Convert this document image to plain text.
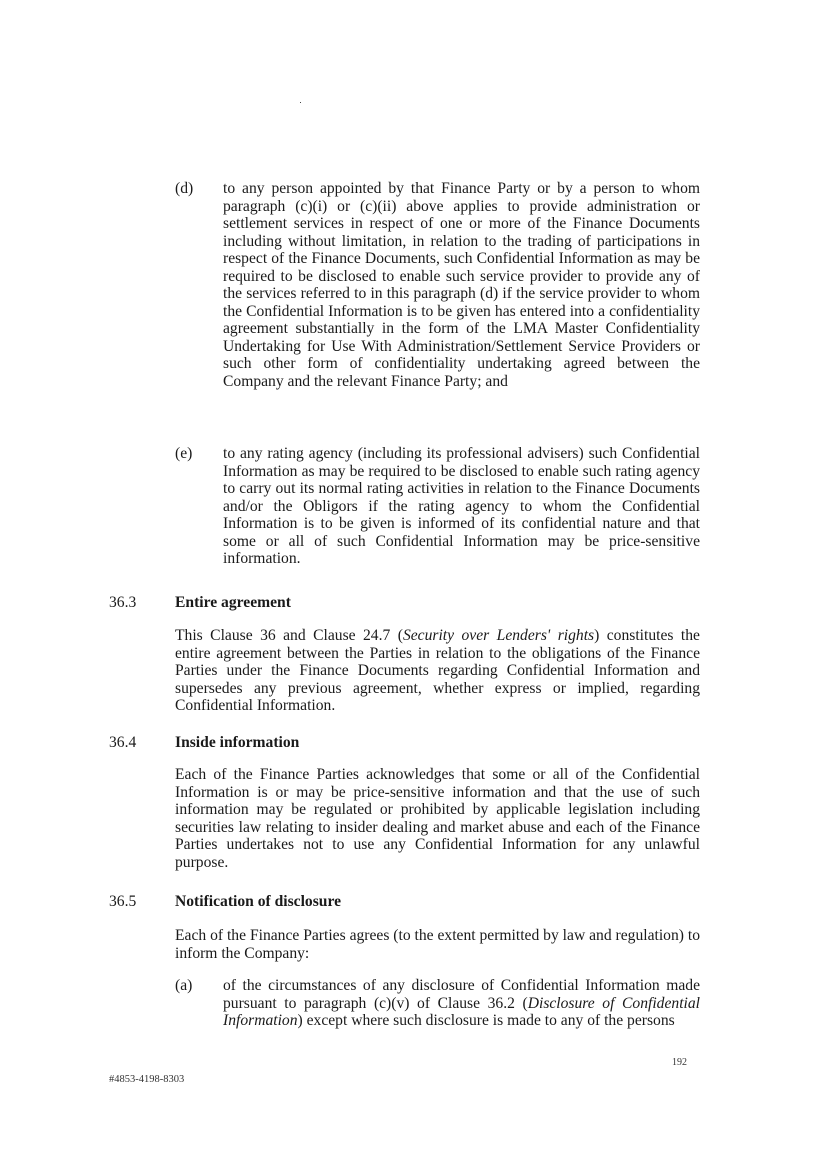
(d) to any person appointed by that Finance Party or by a person to whom paragraph (c)(i) or (c)(ii) above applies to provide administration or settlement services in respect of one or more of the Finance Documents including without limitation, in relation to the trading of participations in respect of the Finance Documents, such Confidential Information as may be required to be disclosed to enable such service provider to provide any of the services referred to in this paragraph (d) if the service provider to whom the Confidential Information is to be given has entered into a confidentiality agreement substantially in the form of the LMA Master Confidentiality Undertaking for Use With Administration/Settlement Service Providers or such other form of confidentiality undertaking agreed between the Company and the relevant Finance Party; and
(e) to any rating agency (including its professional advisers) such Confidential Information as may be required to be disclosed to enable such rating agency to carry out its normal rating activities in relation to the Finance Documents and/or the Obligors if the rating agency to whom the Confidential Information is to be given is informed of its confidential nature and that some or all of such Confidential Information may be price-sensitive information.
36.3 Entire agreement
This Clause 36 and Clause 24.7 (Security over Lenders' rights) constitutes the entire agreement between the Parties in relation to the obligations of the Finance Parties under the Finance Documents regarding Confidential Information and supersedes any previous agreement, whether express or implied, regarding Confidential Information.
36.4 Inside information
Each of the Finance Parties acknowledges that some or all of the Confidential Information is or may be price-sensitive information and that the use of such information may be regulated or prohibited by applicable legislation including securities law relating to insider dealing and market abuse and each of the Finance Parties undertakes not to use any Confidential Information for any unlawful purpose.
36.5 Notification of disclosure
Each of the Finance Parties agrees (to the extent permitted by law and regulation) to inform the Company:
(a) of the circumstances of any disclosure of Confidential Information made pursuant to paragraph (c)(v) of Clause 36.2 (Disclosure of Confidential Information) except where such disclosure is made to any of the persons
192
#4853-4198-8303
